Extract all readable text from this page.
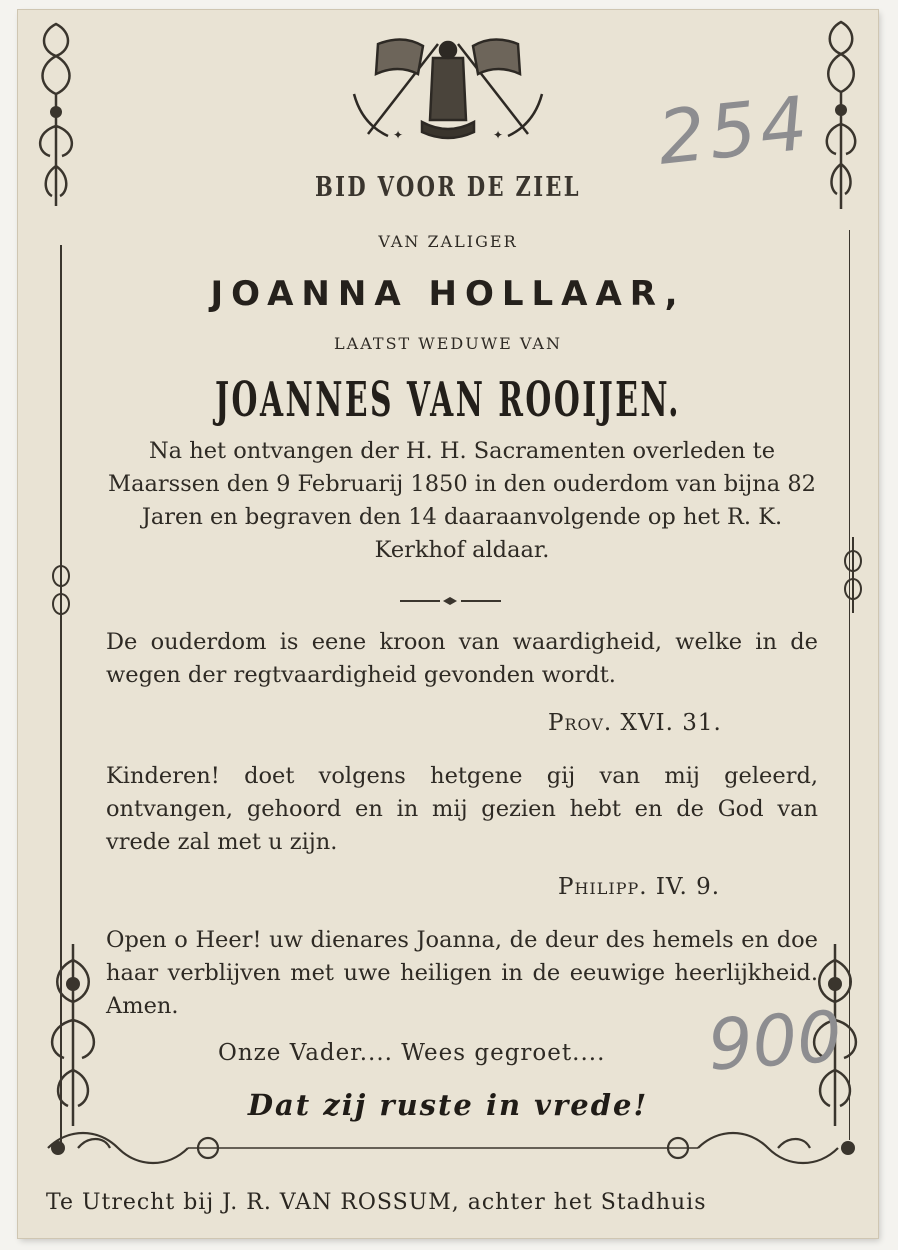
✦	✦ 254
900
BID VOOR DE ZIEL
VAN ZALIGER
JOANNA HOLLAAR,
LAATST WEDUWE VAN
JOANNES VAN ROOIJEN.
Na het ontvangen der H. H. Sacramenten overleden te Maarssen den 9 Februarij 1850 in den ouderdom van bijna 82 Jaren en begraven den 14 daaraanvolgende op het R. K. Kerkhof aldaar.
De ouderdom is eene kroon van waardigheid, welke in de wegen der regtvaardigheid gevonden wordt.
Prov. XVI. 31.
Kinderen! doet volgens hetgene gij van mij geleerd, ontvangen, gehoord en in mij gezien hebt en de God van vrede zal met u zijn.
Philipp. IV. 9.
Open o Heer! uw dienares Joanna, de deur des hemels en doe haar verblijven met uwe heiligen in de eeuwige heerlijkheid. Amen.
Onze Vader.... Wees gegroet....
Dat zij ruste in vrede!
Te Utrecht bij J. R. VAN ROSSUM, achter het Stadhuis
